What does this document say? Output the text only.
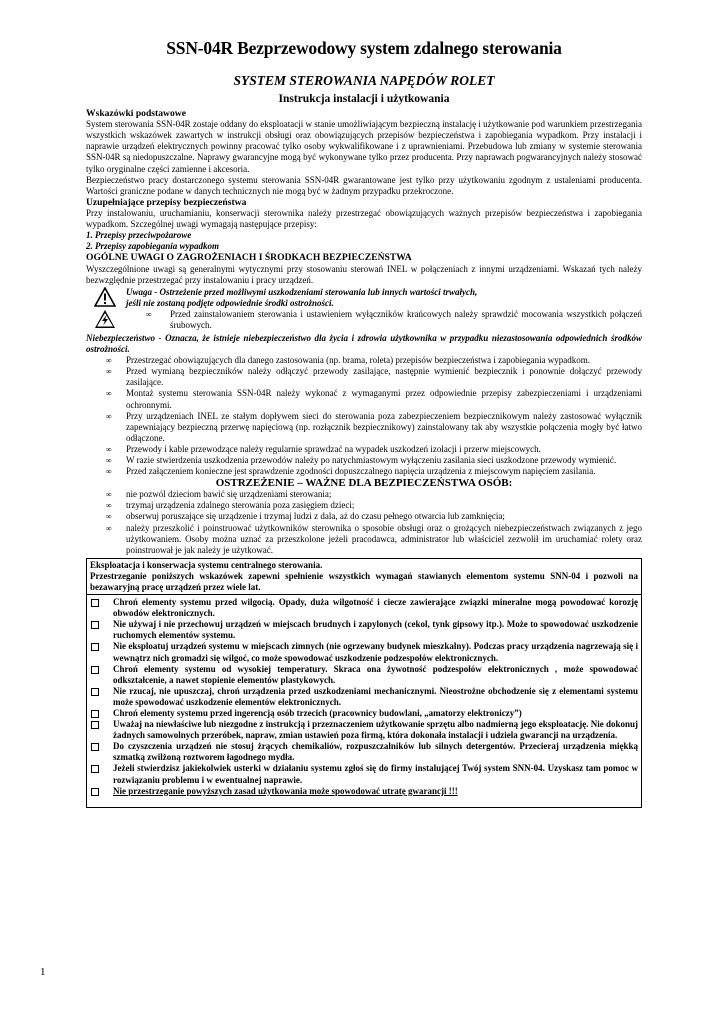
SSN-04R Bezprzewodowy system zdalnego sterowania
SYSTEM STEROWANIA NAPĘDÓW ROLET
Instrukcja instalacji i użytkowania
Wskazówki podstawowe

System sterowania SSN-04R zostaje oddany do eksploatacji w stanie umożliwiającym bezpieczną instalację i użytkowanie pod warunkiem przestrzegania wszystkich wskazówek zawartych w instrukcji obsługi oraz obowiązujących przepisów bezpieczeństwa i zapobiegania wypadkom. Przy instalacji i naprawie urządzeń elektrycznych powinny pracować tylko osoby wykwalifikowane i z uprawnieniami. Przebudowa lub zmiany w systemie sterowania SSN-04R są niedopuszczalne. Naprawy gwarancyjne mogą być wykonywane tylko przez producenta. Przy naprawach pogwarancyjnych należy stosować tylko oryginalne części zamienne i akcesoria.

Bezpieczeństwo pracy dostarczonego systemu sterowania SSN-04R gwarantowane jest tylko przy użytkowaniu zgodnym z ustaleniami producenta. Wartości graniczne podane w danych technicznych nie mogą być w żadnym przypadku przekroczone.

Uzupełniające przepisy bezpieczeństwa

Przy instalowaniu, uruchamianiu, konserwacji sterownika należy przestrzegać obowiązujących ważnych przepisów bezpieczeństwa i zapobiegania wypadkom. Szczególnej uwagi wymagają następujące przepisy:

1. Przepisy przeciwpożarowe

2. Przepisy zapobiegania wypadkom

OGÓLNE UWAGI O ZAGROŻENIACH I ŚRODKACH BEZPIECZEŃSTWA

Wyszczególnione uwagi są generalnymi wytycznymi przy stosowaniu sterowań INEL w połączeniach z innymi urządzeniami. Wskazań tych należy bezwzględnie przestrzegać przy instalowaniu i pracy urządzeń.

Uwaga - Ostrzeżenie przed możliwymi uszkodzeniami sterowania lub innych wartości trwałych,
jeśli nie zostaną podjęte odpowiednie środki ostrożności.
∞ Przed zainstalowaniem sterowania i ustawieniem wyłączników krańcowych należy sprawdzić mocowania wszystkich połączeń śrubowych.

Niebezpieczeństwo - Oznacza, że istnieje niebezpieczeństwo dla życia i zdrowia użytkownika w przypadku niezastosowania odpowiednich środków ostrożności.

∞ Przestrzegać obowiązujących dla danego zastosowania (np. brama, roleta) przepisów bezpieczeństwa i zapobiegania wypadkom.
∞ Przed wymianą bezpieczników należy odłączyć przewody zasilające, następnie wymienić bezpiecznik i ponownie dołączyć przewody zasilające.
∞ Montaż systemu sterowania SSN-04R należy wykonać z wymaganymi przez odpowiednie przepisy zabezpieczeniami i urządzeniami ochronnymi.
∞ Przy urządzeniach INEL ze stałym dopływem sieci do sterowania poza zabezpieczeniem bezpiecznikowym należy zastosować wyłącznik zapewniający bezpieczną przerwę napięciową (np. rozłącznik bezpiecznikowy) zainstalowany tak aby wszystkie połączenia mogły być łatwo odłączone.
∞ Przewody i kable przewodzące należy regularnie sprawdzać na wypadek uszkodzeń izolacji i przerw miejscowych.
∞ W razie stwierdzenia uszkodzenia przewodów należy po natychmiastowym wyłączeniu zasilania sieci uszkodzone przewody wymienić.
∞ Przed załączeniem konieczne jest sprawdzenie zgodności dopuszczalnego napięcia urządzenia z miejscowym napięciem zasilania.
OSTRZEŻENIE – WAŻNE DLA BEZPIECZEŃSTWA OSÓB:
∞ nie pozwól dzieciom bawić się urządzeniami sterowania;
∞ trzymaj urządzenia zdalnego sterowania poza zasięgiem dzieci;
∞ obserwuj poruszające się urządzenie i trzymaj ludzi z dala, aż do czasu pełnego otwarcia lub zamknięcia;
∞ należy przeszkolić i poinstruować użytkowników sterownika o sposobie obsługi oraz o grożących niebezpieczeństwach związanych z jego użytkowaniem. Osoby można uznać za przeszkolone jeżeli pracodawca, administrator lub właściciel zezwolił im uruchamiać rolety oraz poinstruował je jak należy je użytkować.

Eksploatacja i konserwacja systemu centralnego sterowania.

Przestrzeganie poniższych wskazówek zapewni spełnienie wszystkich wymagań stawianych elementom systemu SNN-04 i pozwoli na bezawaryjną pracę urządzeń przez wiele lat.

Chroń elementy systemu przed wilgocią. Opady, duża wilgotność i ciecze zawierające związki mineralne mogą powodować korozję obwodów elektronicznych.
Nie używaj i nie przechowuj urządzeń w miejscach brudnych i zapylonych (cekol, tynk gipsowy itp.). Może to spowodować uszkodzenie ruchomych elementów systemu.
Nie eksploatuj urządzeń systemu w miejscach zimnych (nie ogrzewany budynek mieszkalny). Podczas pracy urządzenia nagrzewają się i wewnątrz nich gromadzi się wilgoć, co może spowodować uszkodzenie podzespołów elektronicznych.
Chroń elementy systemu od wysokiej temperatury. Skraca ona żywotność podzespołów elektronicznych , może spowodować odkształcenie, a nawet stopienie elementów plastykowych.
Nie rzucaj, nie upuszczaj, chroń urządzenia przed uszkodzeniami mechanicznymi. Nieostrożne obchodzenie się z elementami systemu może spowodować uszkodzenie elementów elektronicznych.
Chroń elementy systemu przed ingerencją osób trzecich (pracownicy budowlani, „amatorzy elektroniczy”)
Uważaj na niewłaściwe lub niezgodne z instrukcją i przeznaczeniem użytkowanie sprzętu albo nadmierną jego eksploatację. Nie dokonuj żadnych samowolnych przeróbek, napraw, zmian ustawień poza firmą, która dokonała instalacji i udziela gwarancji na urządzenia.
Do czyszczenia urządzeń nie stosuj żrących chemikaliów, rozpuszczalników lub silnych detergentów. Przecieraj urządzenia miękką szmatką zwilżoną roztworem łagodnego mydła.
Jeżeli stwierdzisz jakiekolwiek usterki w działaniu systemu zgłoś się do firmy instalującej Twój system SNN-04. Uzyskasz tam pomoc w rozwiązaniu problemu i w ewentualnej naprawie.
Nie przestrzeganie powyższych zasad użytkowania może spowodować utratę gwarancji !!!
1
